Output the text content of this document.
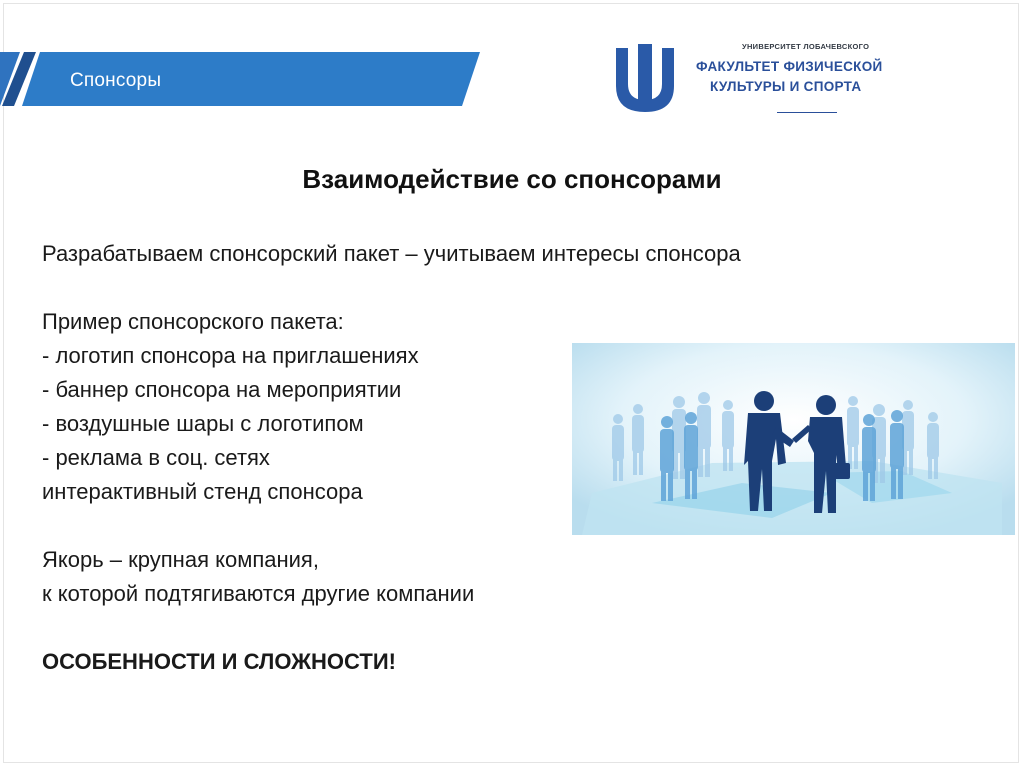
Спонсоры
УНИВЕРСИТЕТ ЛОБАЧЕВСКОГО
ФАКУЛЬТЕТ ФИЗИЧЕСКОЙ
КУЛЬТУРЫ И СПОРТА
Взаимодействие со спонсорами
Разрабатываем спонсорский пакет – учитываем интересы спонсора
Пример спонсорского пакета:
- логотип спонсора на приглашениях
- баннер спонсора на мероприятии
- воздушные шары с логотипом
- реклама в соц. сетях
интерактивный стенд спонсора
Якорь – крупная компания,
к которой подтягиваются другие компании
ОСОБЕННОСТИ И СЛОЖНОСТИ!
